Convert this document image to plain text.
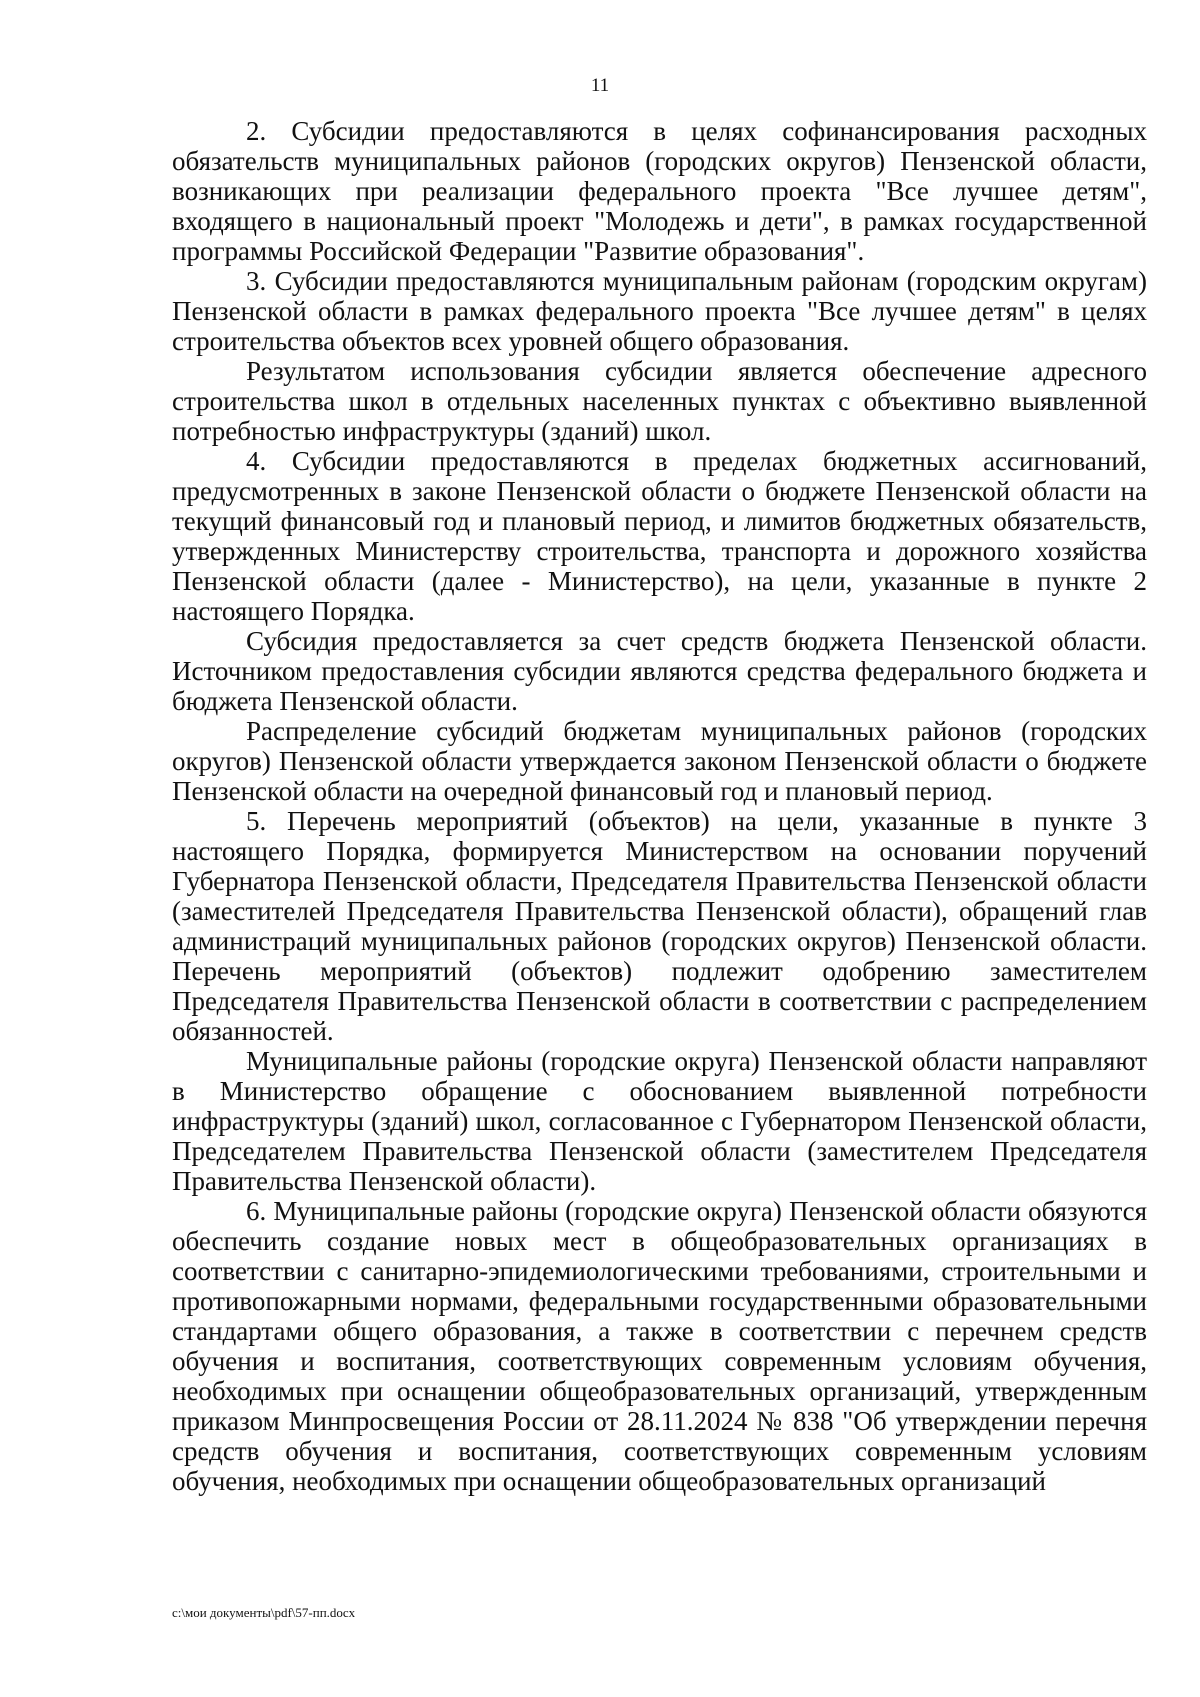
11

2. Субсидии предоставляются в целях софинансирования расходных обязательств муниципальных районов (городских округов) Пензенской области, возникающих при реализации федерального проекта "Все лучшее детям", входящего в национальный проект "Молодежь и дети", в рамках государственной программы Российской Федерации "Развитие образования".

3. Субсидии предоставляются муниципальным районам (городским округам) Пензенской области в рамках федерального проекта "Все лучшее детям" в целях строительства объектов всех уровней общего образования.

Результатом использования субсидии является обеспечение адресного строительства школ в отдельных населенных пунктах с объективно выявленной потребностью инфраструктуры (зданий) школ.

4. Субсидии предоставляются в пределах бюджетных ассигнований, предусмотренных в законе Пензенской области о бюджете Пензенской области на текущий финансовый год и плановый период, и лимитов бюджетных обязательств, утвержденных Министерству строительства, транспорта и дорожного хозяйства Пензенской области (далее - Министерство), на цели, указанные в пункте 2 настоящего Порядка.

Субсидия предоставляется за счет средств бюджета Пензенской области. Источником предоставления субсидии являются средства федерального бюджета и бюджета Пензенской области.

Распределение субсидий бюджетам муниципальных районов (городских округов) Пензенской области утверждается законом Пензенской области о бюджете Пензенской области на очередной финансовый год и плановый период.

5. Перечень мероприятий (объектов) на цели, указанные в пункте 3 настоящего Порядка, формируется Министерством на основании поручений Губернатора Пензенской области, Председателя Правительства Пензенской области (заместителей Председателя Правительства Пензенской области), обращений глав администраций муниципальных районов (городских округов) Пензенской области. Перечень мероприятий (объектов) подлежит одобрению заместителем Председателя Правительства Пензенской области в соответствии с распределением обязанностей.

Муниципальные районы (городские округа) Пензенской области направляют в Министерство обращение с обоснованием выявленной потребности инфраструктуры (зданий) школ, согласованное с Губернатором Пензенской области, Председателем Правительства Пензенской области (заместителем Председателя Правительства Пензенской области).

6. Муниципальные районы (городские округа) Пензенской области обязуются обеспечить создание новых мест в общеобразовательных организациях в соответствии с санитарно-эпидемиологическими требованиями, строительными и противопожарными нормами, федеральными государственными образовательными стандартами общего образования, а также в соответствии с перечнем средств обучения и воспитания, соответствующих современным условиям обучения, необходимых при оснащении общеобразовательных организаций, утвержденным приказом Минпросвещения России от 28.11.2024 № 838 "Об утверждении перечня средств обучения и воспитания, соответствующих современным условиям обучения, необходимых при оснащении общеобразовательных организаций

c:\мои документы\pdf\57-пп.docx
